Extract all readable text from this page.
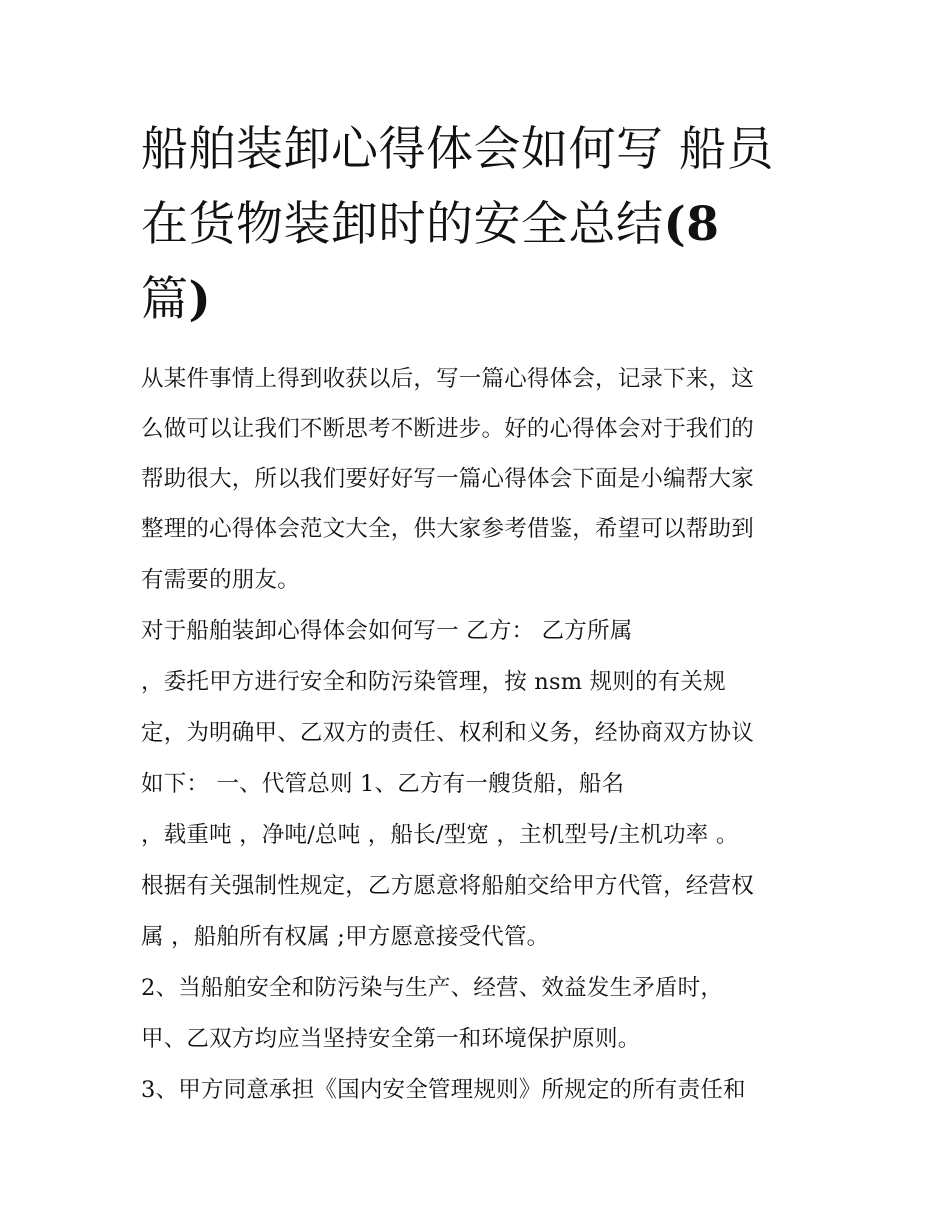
船舶装卸心得体会如何写 船员
在货物装卸时的安全总结(8
篇)
从某件事情上得到收获以后，写一篇心得体会，记录下来，这
么做可以让我们不断思考不断进步。好的心得体会对于我们的
帮助很大，所以我们要好好写一篇心得体会下面是小编帮大家
整理的心得体会范文大全，供大家参考借鉴，希望可以帮助到
有需要的朋友。
对于船舶装卸心得体会如何写一 乙方： 乙方所属
，委托甲方进行安全和防污染管理，按 nsm 规则的有关规
定，为明确甲、乙双方的责任、权利和义务，经协商双方协议
如下： 一、代管总则 1、乙方有一艘货船，船名
，载重吨 ，净吨/总吨 ，船长/型宽 ，主机型号/主机功率 。
根据有关强制性规定，乙方愿意将船舶交给甲方代管，经营权
属 ，船舶所有权属 ;甲方愿意接受代管。
2、当船舶安全和防污染与生产、经营、效益发生矛盾时，
甲、乙双方均应当坚持安全第一和环境保护原则。
3、甲方同意承担《国内安全管理规则》所规定的所有责任和
